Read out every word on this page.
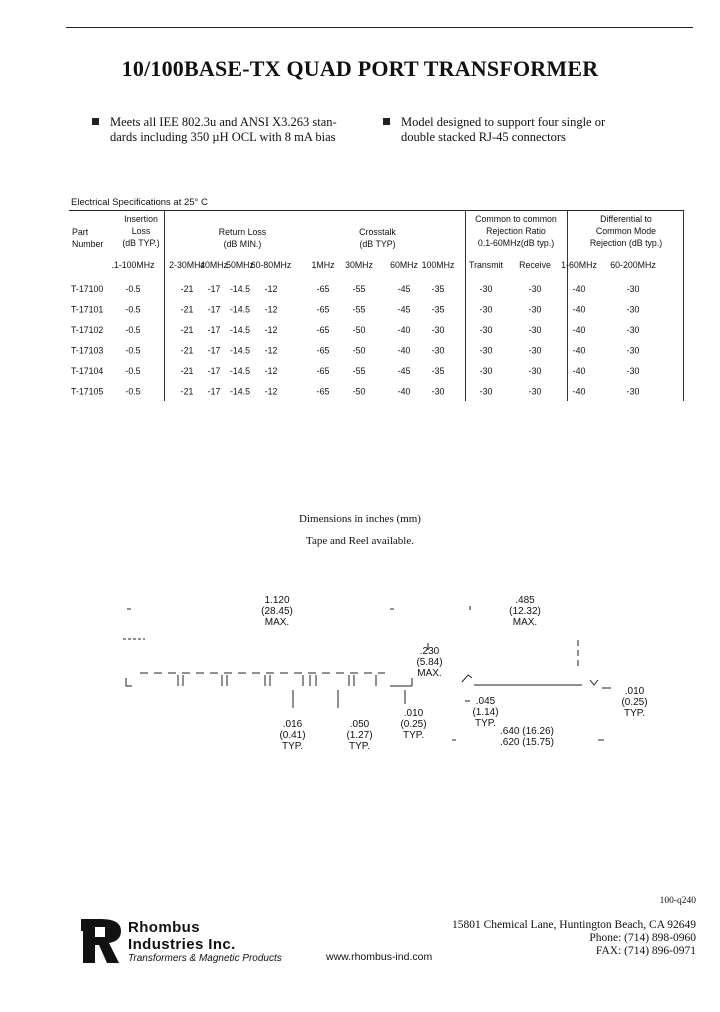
10/100BASE-TX QUAD PORT TRANSFORMER
Meets all IEE 802.3u and ANSI X3.263 stan-
dards including 350 µH OCL with 8 mA bias
Model designed to support four single or
double stacked RJ-45 connectors
Electrical Specifications at 25° C
Part
Number
Insertion
Loss
(dB TYP.)
Return Loss
(dB MIN.)
Crosstalk
(dB TYP)
Common to common
Rejection Ratio
0.1-60MHz(dB typ.)
Differential to
Common Mode
Rejection (dB typ.)
.1-100MHz 2-30MHz
40MHz
50MHz
60-80MHz 1MHz 30MHz 60MHz 100MHz Transmit Receive 1-60MHz 60-200MHz
T-17100	-0.5	-21 -17 -14.5 -12	-65	-55	-45 -35	-30	-30	-40	-30
T-17101	-0.5	-21 -17 -14.5 -12	-65	-55	-45 -35	-30	-30	-40	-30
T-17102	-0.5	-21 -17 -14.5 -12	-65	-50	-40 -30	-30	-30	-40	-30
T-17103	-0.5	-21 -17 -14.5 -12	-65	-50	-40 -30	-30	-30	-40	-30
T-17104	-0.5	-21 -17 -14.5 -12	-65	-55	-45 -35	-30	-30	-40	-30
T-17105	-0.5	-21 -17 -14.5 -12	-65	-50	-40 -30	-30	-30	-40	-30
Dimensions in inches (mm)
Tape and Reel available.
1.120
(28.45)
MAX.
.485
(12.32)
MAX.
.230
(5.84)
MAX.
.016
(0.41)
TYP.
.050
(1.27)
TYP.
.010
(0.25)
TYP.
.045
(1.14)
TYP.
.640 (16.26)
.620 (15.75)
.010
(0.25)
TYP.
100-q240
Rhombus
Industries Inc.
Transformers & Magnetic Products	www.rhombus-ind.com
15801 Chemical Lane, Huntington Beach, CA 92649
Phone: (714) 898-0960
FAX: (714) 896-0971
